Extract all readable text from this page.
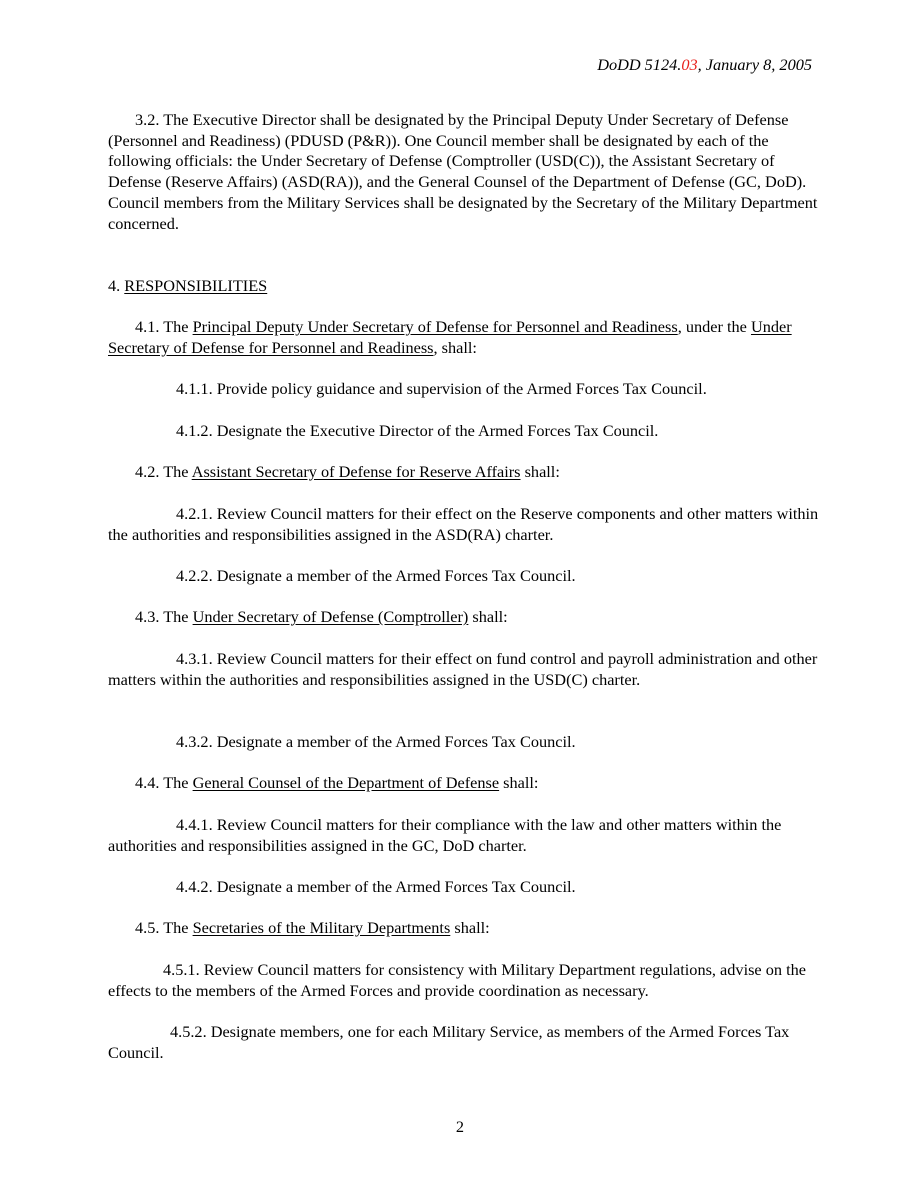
DoDD 5124.03, January 8, 2005

3.2. The Executive Director shall be designated by the Principal Deputy Under Secretary of Defense (Personnel and Readiness) (PDUSD (P&R)). One Council member shall be designated by each of the following officials: the Under Secretary of Defense (Comptroller (USD(C)), the Assistant Secretary of Defense (Reserve Affairs) (ASD(RA)), and the General Counsel of the Department of Defense (GC, DoD). Council members from the Military Services shall be designated by the Secretary of the Military Department concerned.

4. RESPONSIBILITIES

4.1. The Principal Deputy Under Secretary of Defense for Personnel and Readiness, under the Under Secretary of Defense for Personnel and Readiness, shall:

4.1.1. Provide policy guidance and supervision of the Armed Forces Tax Council.

4.1.2. Designate the Executive Director of the Armed Forces Tax Council.

4.2. The Assistant Secretary of Defense for Reserve Affairs shall:

4.2.1. Review Council matters for their effect on the Reserve components and other matters within the authorities and responsibilities assigned in the ASD(RA) charter.

4.2.2. Designate a member of the Armed Forces Tax Council.

4.3. The Under Secretary of Defense (Comptroller) shall:

4.3.1. Review Council matters for their effect on fund control and payroll administration and other matters within the authorities and responsibilities assigned in the USD(C) charter.

4.3.2. Designate a member of the Armed Forces Tax Council.

4.4. The General Counsel of the Department of Defense shall:

4.4.1. Review Council matters for their compliance with the law and other matters within the authorities and responsibilities assigned in the GC, DoD charter.

4.4.2. Designate a member of the Armed Forces Tax Council.

4.5. The Secretaries of the Military Departments shall:

4.5.1. Review Council matters for consistency with Military Department regulations, advise on the effects to the members of the Armed Forces and provide coordination as necessary.

4.5.2. Designate members, one for each Military Service, as members of the Armed Forces Tax Council.

2
